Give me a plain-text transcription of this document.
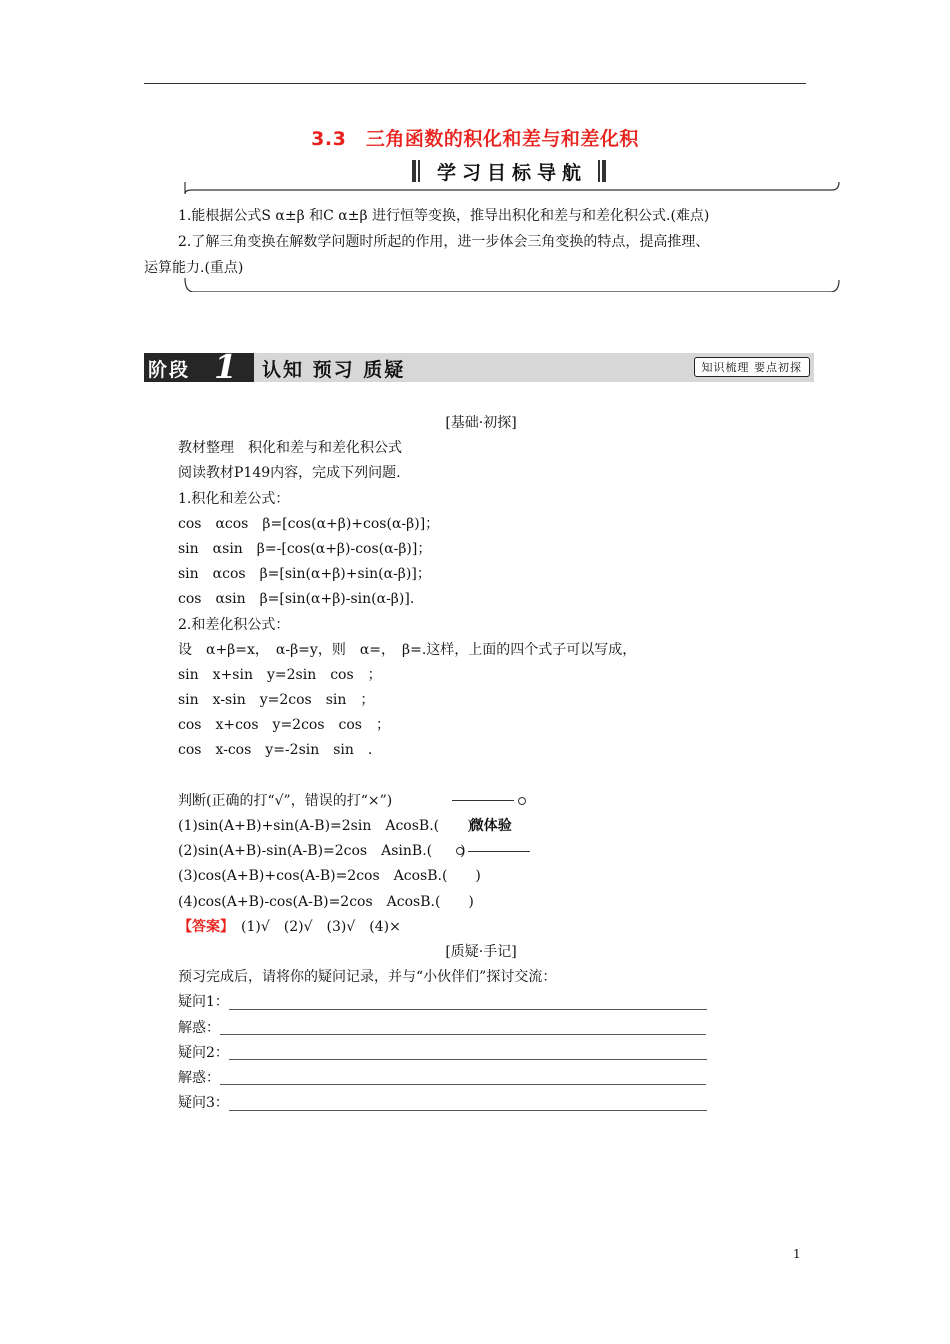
3.3　三角函数的积化和差与和差化积
学习目标导航

1.能根据公式S α±β 和C α±β 进行恒等变换，推导出积化和差与和差化积公式.(难点)

2.了解三角变换在解数学问题时所起的作用，进一步体会三角变换的特点，提高推理、

运算能力.(重点)

阶段 1 认知 预习 质疑	知识梳理 要点初探
[基础·初探]
教材整理　积化和差与和差化积公式
阅读教材P149内容，完成下列问题.
1.积化和差公式：
cos　αcos　β=[cos(α+β)+cos(α-β)]；
sin　αsin　β=-[cos(α+β)-cos(α-β)]；
sin　αcos　β=[sin(α+β)+sin(α-β)]；
cos　αsin　β=[sin(α+β)-sin(α-β)].
2.和差化积公式：
设　α+β=x，　α-β=y，则　α=，　β=.这样，上面的四个式子可以写成，
sin　x+sin　y=2sin　cos　；
sin　x-sin　y=2cos　sin　；
cos　x+cos　y=2cos　cos　；
cos　x-cos　y=-2sin　sin　.

微体验

判断(正确的打“√”，错误的打“×”)
(1)sin(A+B)+sin(A-B)=2sin　AcosB.(　　)
(2)sin(A+B)-sin(A-B)=2cos　AsinB.(　　)
(3)cos(A+B)+cos(A-B)=2cos　AcosB.(　　)
(4)cos(A+B)-cos(A-B)=2cos　AcosB.(　　)
【答案】　(1)√　(2)√　(3)√　(4)×
[质疑·手记]
预习完成后，请将你的疑问记录，并与“小伙伴们”探讨交流：
疑问1：
解惑：
疑问2：
解惑：
疑问3：
1
